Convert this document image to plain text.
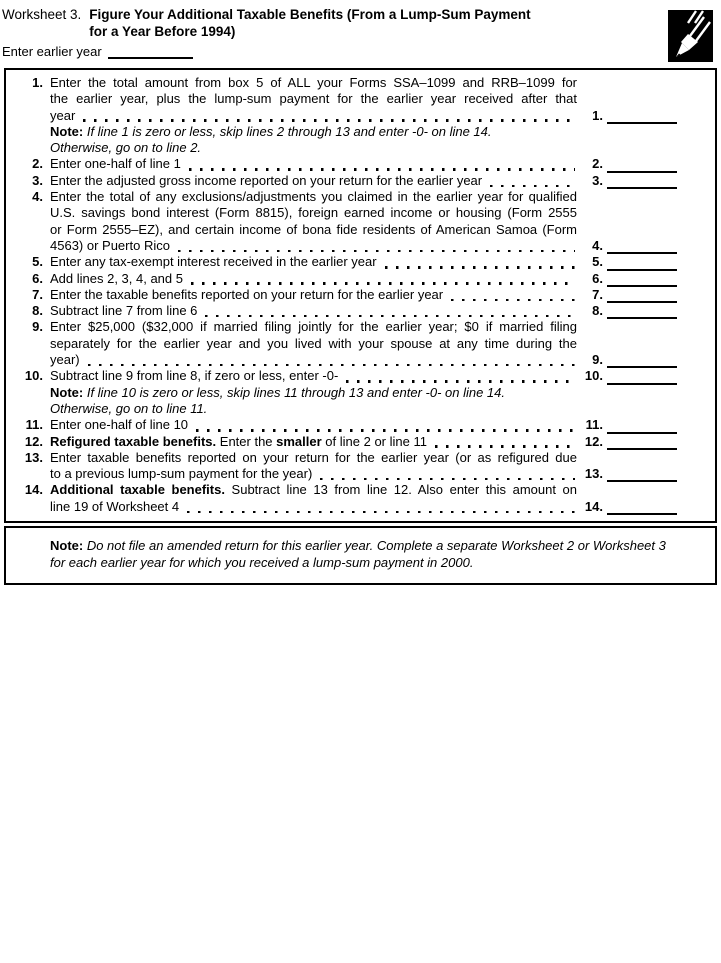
Worksheet 3. Figure Your Additional Taxable Benefits (From a Lump-Sum Payment
for a Year Before 1994)
Enter earlier year
1. Enter the total amount from box 5 of ALL your Forms SSA–1099 and RRB–1099 for
the earlier year, plus the lump-sum payment for the earlier year received after that
year	1.
Note: If line 1 is zero or less, skip lines 2 through 13 and enter -0- on line 14.
Otherwise, go on to line 2.
2. Enter one-half of line 1	2.
3. Enter the adjusted gross income reported on your return for the earlier year	3.
4. Enter the total of any exclusions/adjustments you claimed in the earlier year for qualified
U.S. savings bond interest (Form 8815), foreign earned income or housing (Form 2555
or Form 2555–EZ), and certain income of bona fide residents of American Samoa (Form
4563) or Puerto Rico	4.
5. Enter any tax-exempt interest received in the earlier year	5.
6. Add lines 2, 3, 4, and 5	6.
7. Enter the taxable benefits reported on your return for the earlier year	7.
8. Subtract line 7 from line 6	8.
9. Enter $25,000 ($32,000 if married filing jointly for the earlier year; $0 if married filing
separately for the earlier year and you lived with your spouse at any time during the
year)	9.
10. Subtract line 9 from line 8, if zero or less, enter -0-	10.
Note: If line 10 is zero or less, skip lines 11 through 13 and enter -0- on line 14.
Otherwise, go on to line 11.
11. Enter one-half of line 10	11.
12. Refigured taxable benefits. Enter the smaller of line 2 or line 11	12.
13. Enter taxable benefits reported on your return for the earlier year (or as refigured due
to a previous lump-sum payment for the year)	13.
14. Additional taxable benefits. Subtract line 13 from line 12. Also enter this amount on
line 19 of Worksheet 4	14.
Note: Do not file an amended return for this earlier year. Complete a separate Worksheet 2 or Worksheet 3
for each earlier year for which you received a lump-sum payment in 2000.
